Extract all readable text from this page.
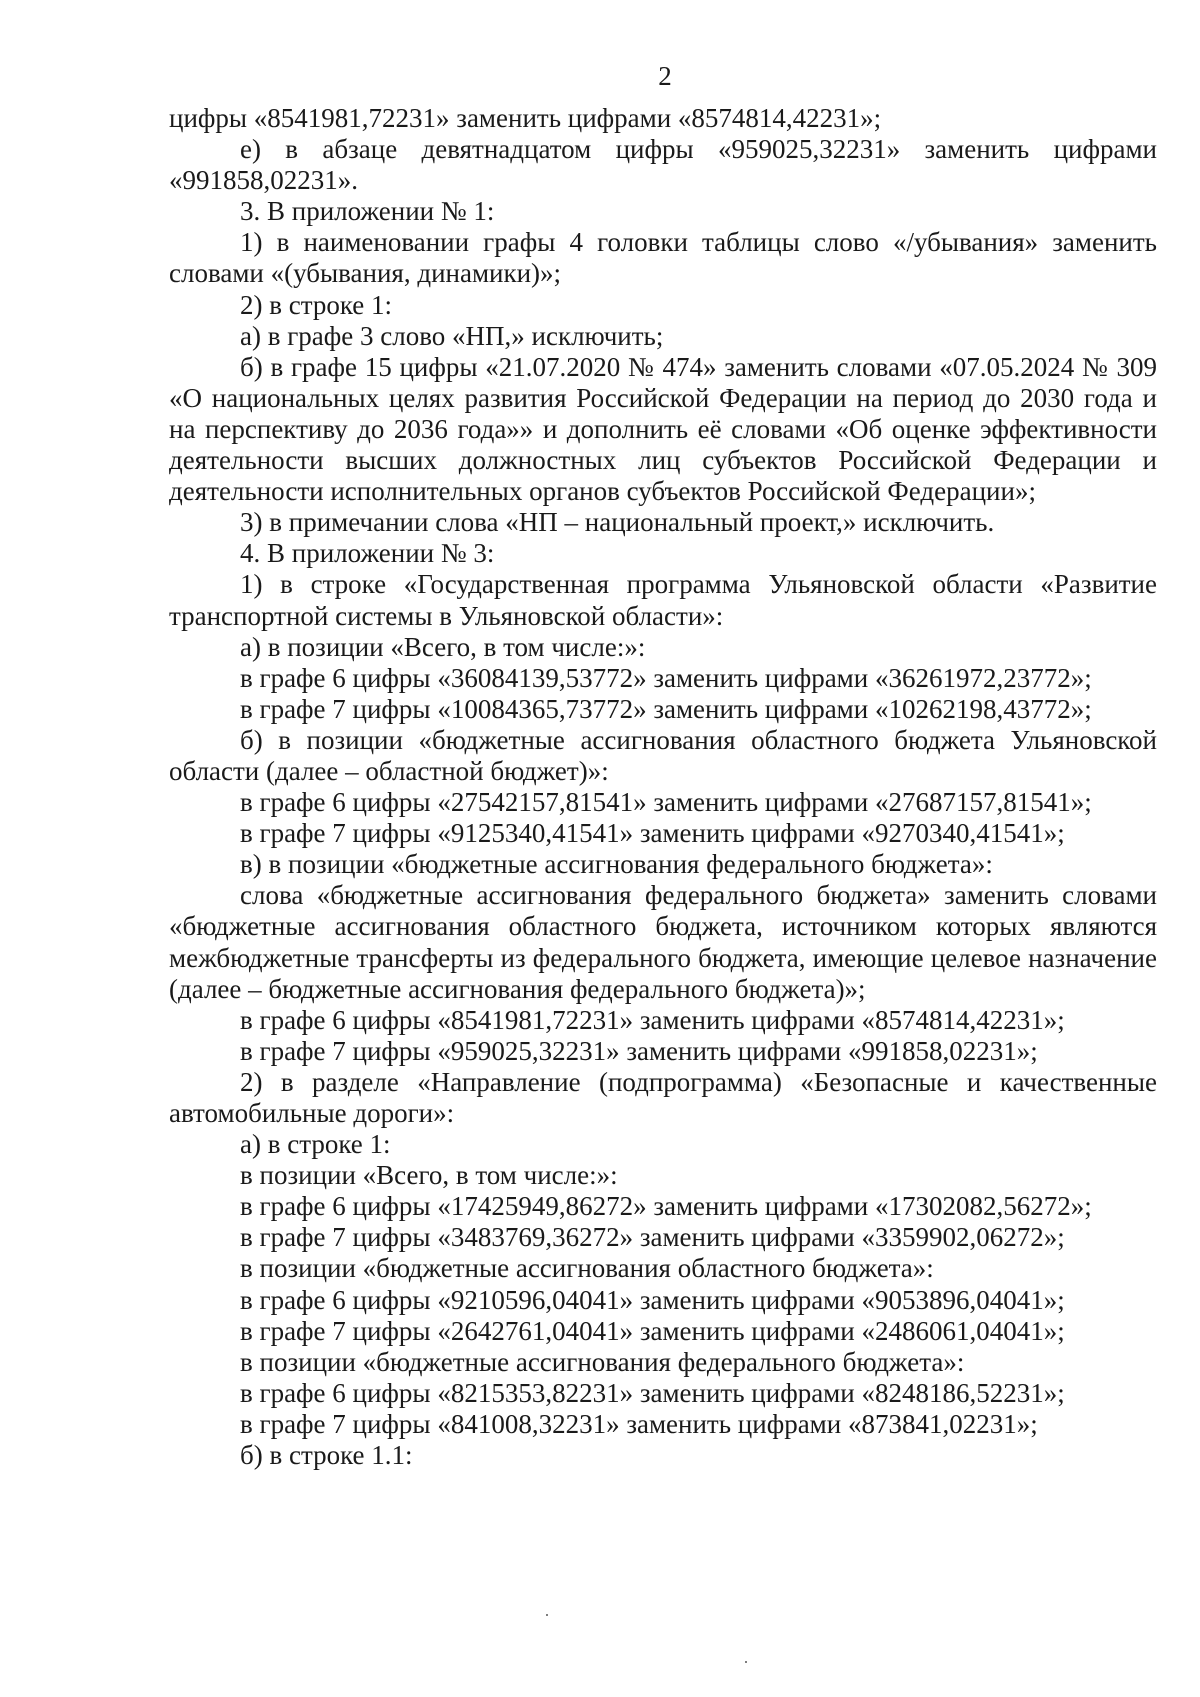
2

цифры «8541981,72231» заменить цифрами «8574814,42231»;

е) в абзаце девятнадцатом цифры «959025,32231» заменить цифрами «991858,02231».

3. В приложении № 1:

1) в наименовании графы 4 головки таблицы слово «/убывания» заменить словами «(убывания, динамики)»;

2) в строке 1:

а) в графе 3 слово «НП,» исключить;

б) в графе 15 цифры «21.07.2020 № 474» заменить словами «07.05.2024 № 309 «О национальных целях развития Российской Федерации на период до 2030 года и на перспективу до 2036 года»» и дополнить её словами «Об оценке эффективности деятельности высших должностных лиц субъектов Российской Федерации и деятельности исполнительных органов субъектов Российской Федерации»;

3) в примечании слова «НП – национальный проект,» исключить.

4. В приложении № 3:

1) в строке «Государственная программа Ульяновской области «Развитие транспортной системы в Ульяновской области»:

а) в позиции «Всего, в том числе:»:

в графе 6 цифры «36084139,53772» заменить цифрами «36261972,23772»;

в графе 7 цифры «10084365,73772» заменить цифрами «10262198,43772»;

б) в позиции «бюджетные ассигнования областного бюджета Ульяновской области (далее – областной бюджет)»:

в графе 6 цифры «27542157,81541» заменить цифрами «27687157,81541»;

в графе 7 цифры «9125340,41541» заменить цифрами «9270340,41541»;

в) в позиции «бюджетные ассигнования федерального бюджета»:

слова «бюджетные ассигнования федерального бюджета» заменить словами «бюджетные ассигнования областного бюджета, источником которых являются межбюджетные трансферты из федерального бюджета, имеющие целевое назначение (далее – бюджетные ассигнования федерального бюджета)»;

в графе 6 цифры «8541981,72231» заменить цифрами «8574814,42231»;

в графе 7 цифры «959025,32231» заменить цифрами «991858,02231»;

2) в разделе «Направление (подпрограмма) «Безопасные и качественные автомобильные дороги»:

а) в строке 1:

в позиции «Всего, в том числе:»:

в графе 6 цифры «17425949,86272» заменить цифрами «17302082,56272»;

в графе 7 цифры «3483769,36272» заменить цифрами «3359902,06272»;

в позиции «бюджетные ассигнования областного бюджета»:

в графе 6 цифры «9210596,04041» заменить цифрами «9053896,04041»;

в графе 7 цифры «2642761,04041» заменить цифрами «2486061,04041»;

в позиции «бюджетные ассигнования федерального бюджета»:

в графе 6 цифры «8215353,82231» заменить цифрами «8248186,52231»;

в графе 7 цифры «841008,32231» заменить цифрами «873841,02231»;

б) в строке 1.1:
